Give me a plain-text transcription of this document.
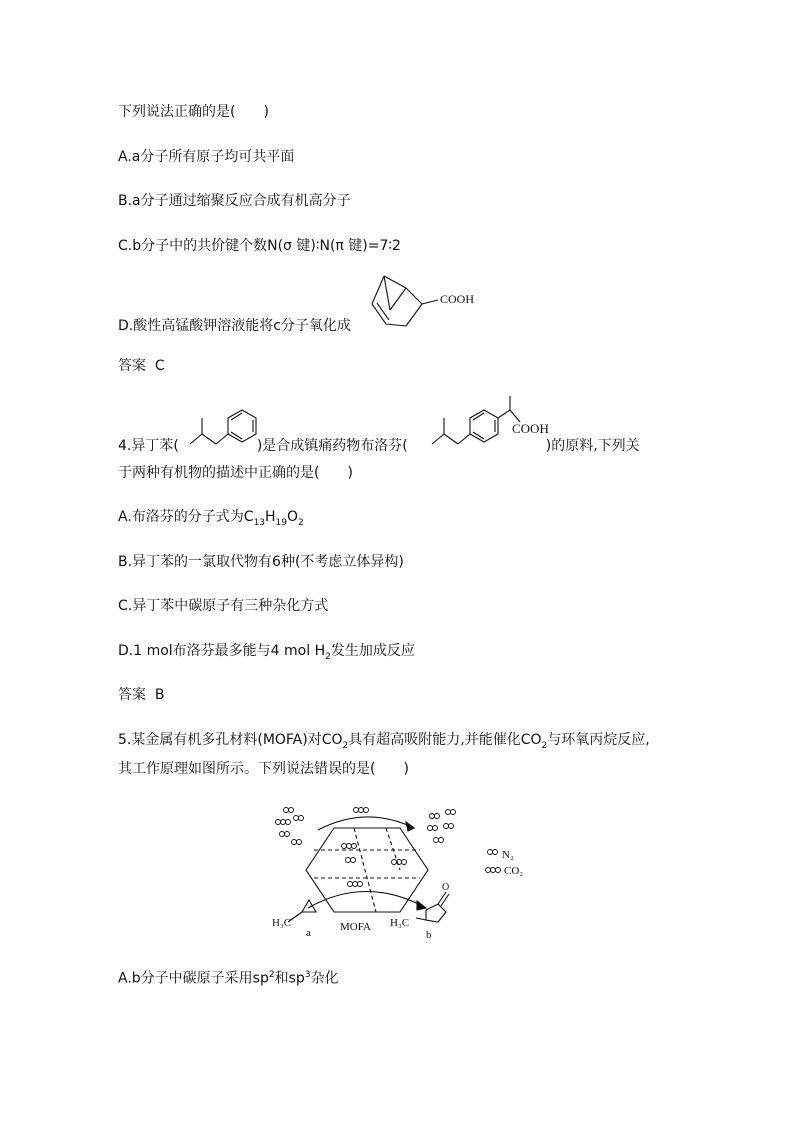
下列说法正确的是(　　)
A.a分子所有原子均可共平面
B.a分子通过缩聚反应合成有机高分子
C.b分子中的共价键个数N(σ 键)∶N(π 键)=7∶2
D.酸性高锰酸钾溶液能将c分子氧化成
COOH
答案 C
4.异丁苯(	)是合成镇痛药物布洛芬(	)的原料,下列关
COOH
于两种有机物的描述中正确的是(　　)
A.布洛芬的分子式为$C_{13}H_{19}O_2$
B.异丁苯的一氯取代物有6种(不考虑立体异构)
C.异丁苯中碳原子有三种杂化方式
D.1 mol布洛芬最多能与4 mol $H_2$发生加成反应
答案 B
5.某金属有机多孔材料(MOFA)对$CO_2$具有超高吸附能力,并能催化$CO_2$与环氧丙烷反应,
其工作原理如图所示。下列说法错误的是(　　)
H₃C
a	MOFA H₃C
b
O
N₂
CO₂
A.b分子中碳原子采用$sp^2$和$sp^3$杂化
